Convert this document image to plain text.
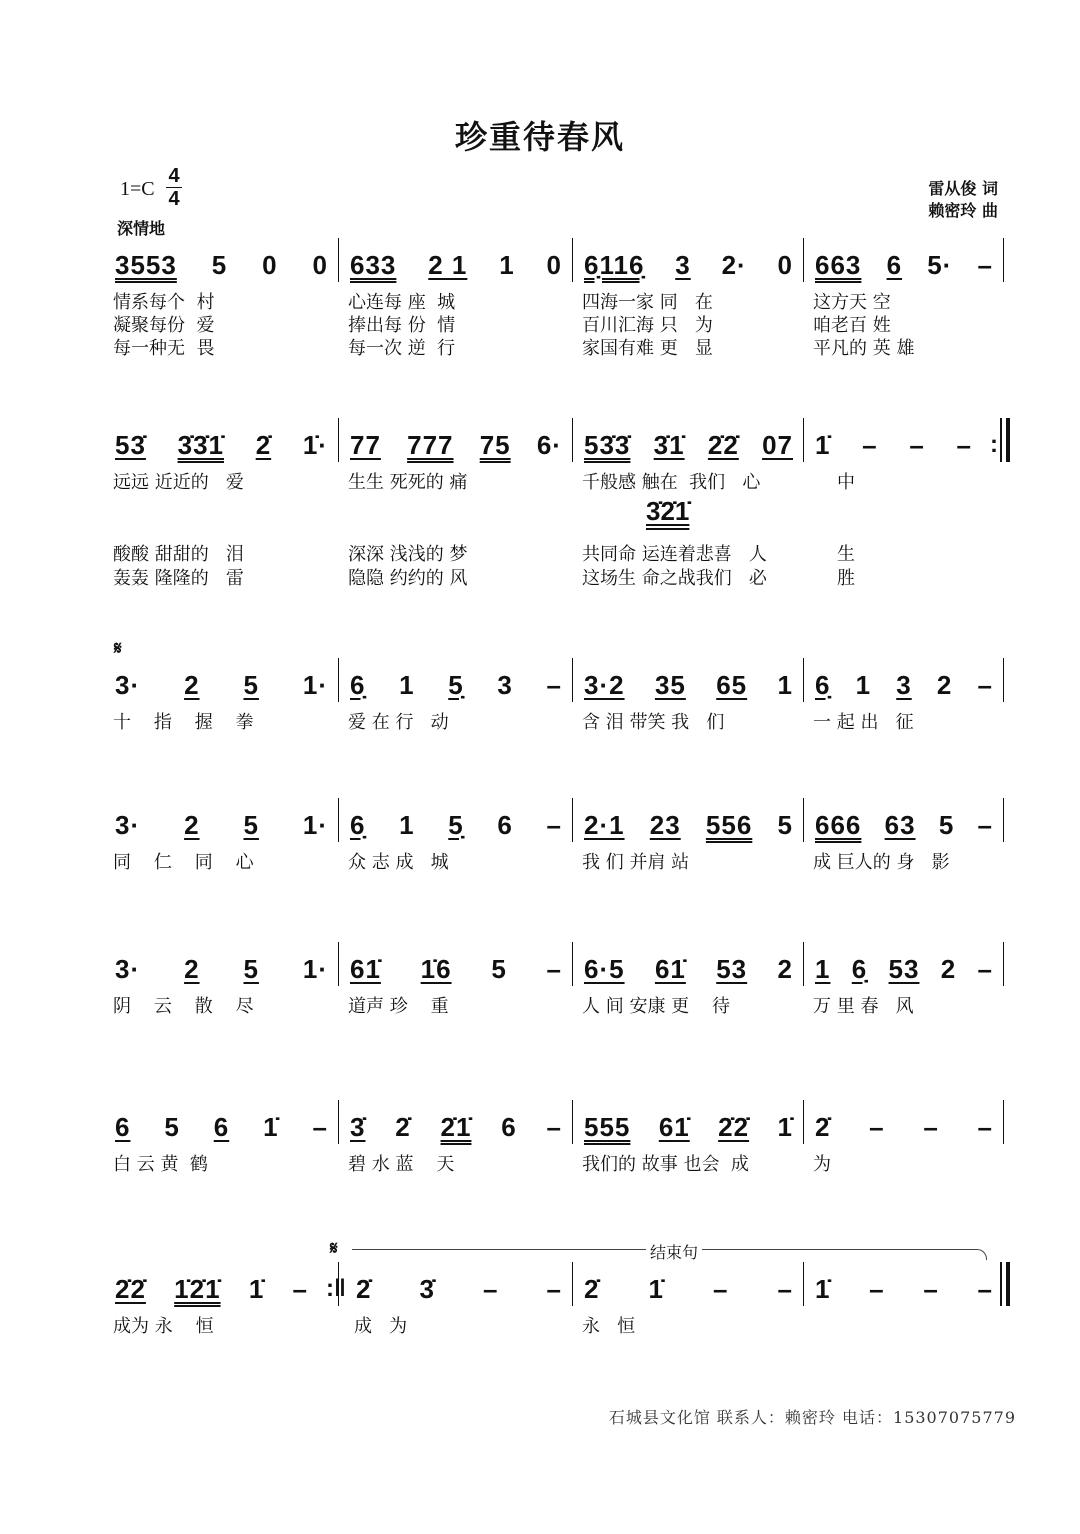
珍重待春风
1=C
4
4
深情地
雷从俊 词
赖密玲 曲
3553 5 0 0
情系每个  村
凝聚每份  爱
每一种无  畏
633 2 1 1 0
心连每 座  城
捧出每 份  情
每一次 逆  行
6̣116̣ 3 2· 0
四海一家 同   在
百川汇海 只   为
家国有难 更   显
663 6 5· –
这方天 空
咱老百 姓
平凡的 英 雄
53̇ 3̇3̇1̇ 2̇ 1̇·
远远 近近的   爱
酸酸 甜甜的   泪
轰轰 隆隆的   雷
77 777 75 6·
生生 死死的 痛
深深 浅浅的 梦
隐隐 约约的 风
53̇3̇ 3̇1̇ 2̇2̇ 07
千般感 触在  我们   心
共同命 运连着悲喜   人
这场生 命之战我们   必
1̇ – – –
中
生
胜
:
3̇2̇1̇
3· 2 5 1·
十    指    握    拳
6̣ 1 5̣ 3 –
爱 在 行   动
3·2 35 65 1
含 泪 带笑 我   们
6̣ 1 3 2 –
一 起 出   征
𝄋
3· 2 5 1·
同    仁    同    心
6̣ 1 5̣ 6 –
众 志 成   城
2·1 23 556 5
我 们 并肩 站
666 63 5 –
成 巨人的 身   影
3· 2 5 1·
阴    云    散    尽
61̇ 1̇6 5 –
道声 珍    重
6·5 61̇ 53 2
人 间 安康 更    待
1 6̣ 53 2 –
万 里 春   风
6 5 6 1̇ –
白 云 黄  鹤
3̇ 2̇ 2̇1̇ 6 –
碧 水 蓝    天
555 61̇ 2̇2̇ 1̇
我们的 故事 也会  成
2̇ – – –
为
2̇2̇ 1̇2̇1̇ 1̇ –
成为 永    恒
2̇ 3̇ – –
成   为
2̇ 1̇ – –
永   恒
1̇ – – –
:‖
𝄋	结束句
石城县文化馆 联系人：赖密玲 电话：15307075779
